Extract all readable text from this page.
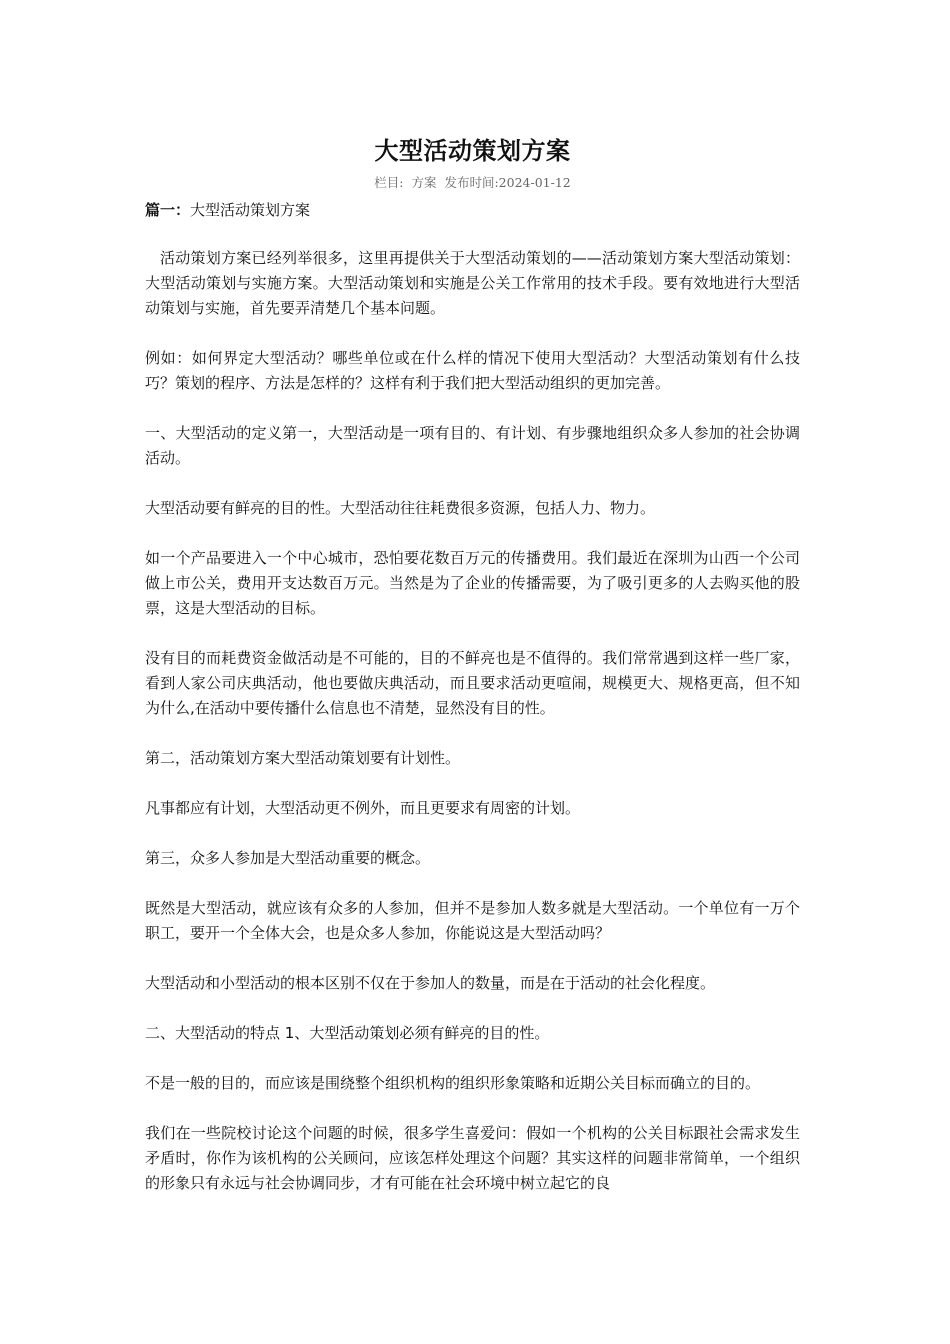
大型活动策划方案
栏目: 方案 发布时间:2024-01-12
篇一：大型活动策划方案

活动策划方案已经列举很多，这里再提供关于大型活动策划的——活动策划方案大型活动策划：大型活动策划与实施方案。大型活动策划和实施是公关工作常用的技术手段。要有效地进行大型活动策划与实施，首先要弄清楚几个基本问题。

例如：如何界定大型活动？哪些单位或在什么样的情况下使用大型活动？大型活动策划有什么技巧？策划的程序、方法是怎样的？这样有利于我们把大型活动组织的更加完善。

一、大型活动的定义第一，大型活动是一项有目的、有计划、有步骤地组织众多人参加的社会协调活动。

大型活动要有鲜亮的目的性。大型活动往往耗费很多资源，包括人力、物力。

如一个产品要进入一个中心城市，恐怕要花数百万元的传播费用。我们最近在深圳为山西一个公司做上市公关，费用开支达数百万元。当然是为了企业的传播需要，为了吸引更多的人去购买他的股票，这是大型活动的目标。

没有目的而耗费资金做活动是不可能的，目的不鲜亮也是不值得的。我们常常遇到这样一些厂家，看到人家公司庆典活动，他也要做庆典活动，而且要求活动更喧闹，规模更大、规格更高，但不知为什么,在活动中要传播什么信息也不清楚，显然没有目的性。

第二，活动策划方案大型活动策划要有计划性。

凡事都应有计划，大型活动更不例外，而且更要求有周密的计划。

第三，众多人参加是大型活动重要的概念。

既然是大型活动，就应该有众多的人参加，但并不是参加人数多就是大型活动。一个单位有一万个职工，要开一个全体大会，也是众多人参加，你能说这是大型活动吗？

大型活动和小型活动的根本区别不仅在于参加人的数量，而是在于活动的社会化程度。

二、大型活动的特点 1、大型活动策划必须有鲜亮的目的性。

不是一般的目的，而应该是围绕整个组织机构的组织形象策略和近期公关目标而确立的目的。

我们在一些院校讨论这个问题的时候，很多学生喜爱问：假如一个机构的公关目标跟社会需求发生矛盾时，你作为该机构的公关顾问，应该怎样处理这个问题？其实这样的问题非常简单，一个组织的形象只有永远与社会协调同步，才有可能在社会环境中树立起它的良
